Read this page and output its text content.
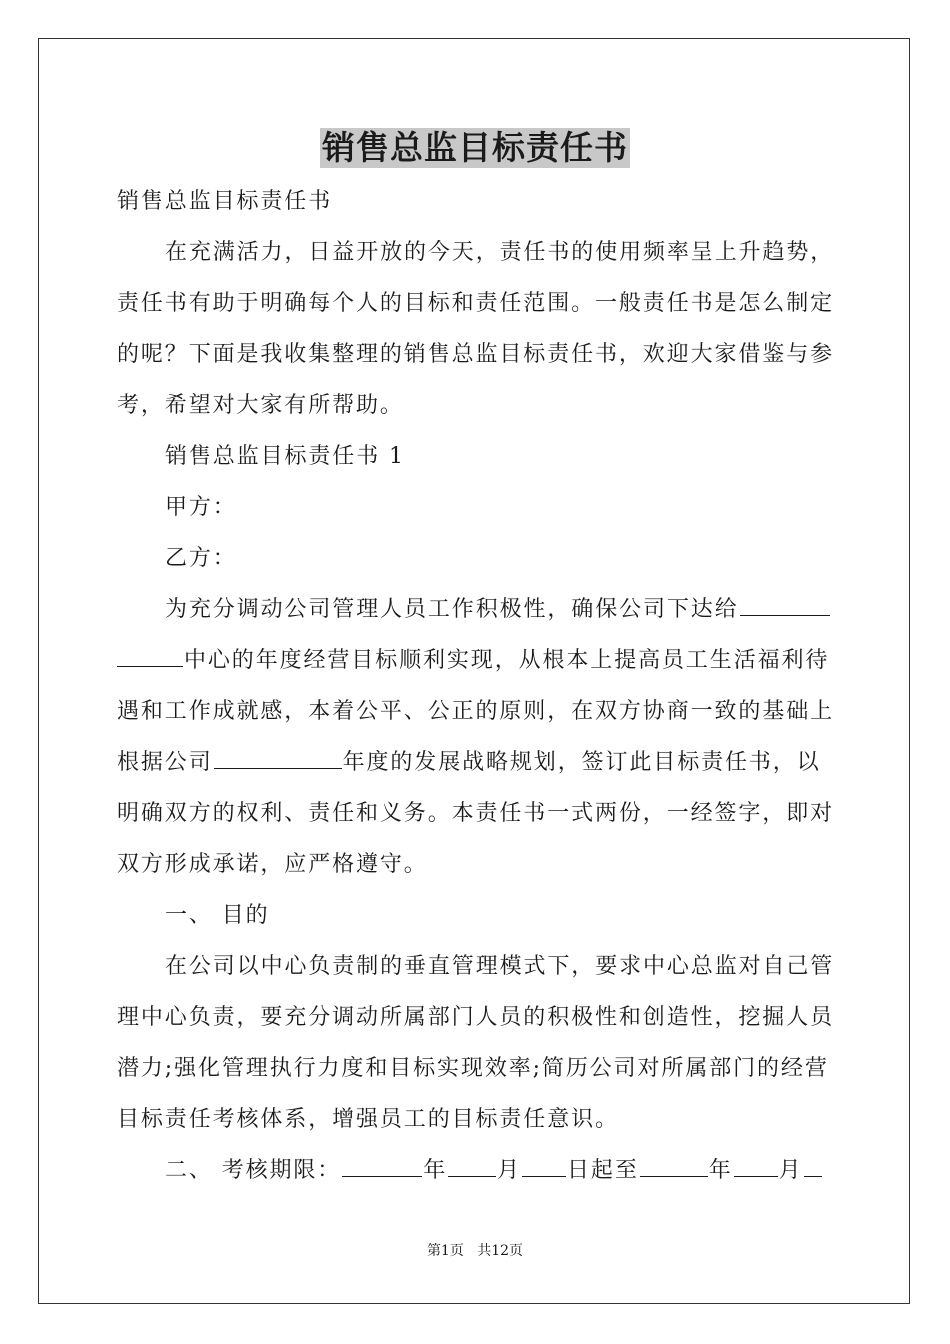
销售总监目标责任书
销售总监目标责任书
在充满活力，日益开放的今天，责任书的使用频率呈上升趋势，
责任书有助于明确每个人的目标和责任范围。一般责任书是怎么制定
的呢？下面是我收集整理的销售总监目标责任书，欢迎大家借鉴与参
考，希望对大家有所帮助。
销售总监目标责任书 1
甲方：
乙方：
为充分调动公司管理人员工作积极性，确保公司下达给
中心的年度经营目标顺利实现，从根本上提高员工生活福利待
遇和工作成就感，本着公平、公正的原则，在双方协商一致的基础上
根据公司	年度的发展战略规划，签订此目标责任书，以
明确双方的权利、责任和义务。本责任书一式两份，一经签字，即对
双方形成承诺，应严格遵守。
一、 目的
在公司以中心负责制的垂直管理模式下，要求中心总监对自己管
理中心负责，要充分调动所属部门人员的积极性和创造性，挖掘人员
潜力;强化管理执行力度和目标实现效率;简历公司对所属部门的经营
目标责任考核体系，增强员工的目标责任意识。
二、 考核期限：	年 月 日起至	年 月
第1页 共12页
